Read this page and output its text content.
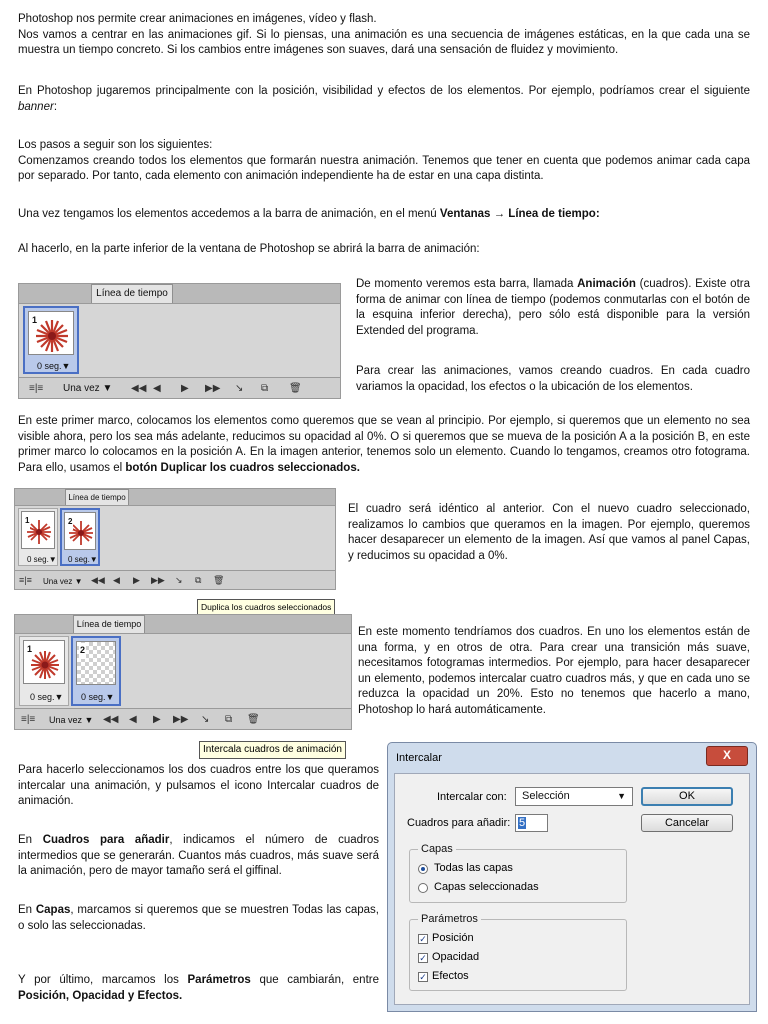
Photoshop nos permite crear animaciones en imágenes, vídeo y flash.

Nos vamos a centrar en las animaciones gif. Si lo piensas, una animación es una secuencia de imágenes estáticas, en la que cada una se muestra un tiempo concreto. Si los cambios entre imágenes son suaves, dará una sensación de fluidez y movimiento.

En Photoshop jugaremos principalmente con la posición, visibilidad y efectos de los elementos. Por ejemplo, podríamos crear el siguiente banner:

Los pasos a seguir son los siguientes:

Comenzamos creando todos los elementos que formarán nuestra animación. Tenemos que tener en cuenta que podemos animar cada capa por separado. Por tanto, cada elemento con animación independiente ha de estar en una capa distinta.

Una vez tengamos los elementos accedemos a la barra de animación, en el menú Ventanas → Línea de tiempo:

Al hacerlo, en la parte inferior de la ventana de Photoshop se abrirá la barra de animación:

Línea de tiempo
1
0 seg.▼
≡|≡ Una vez ▼ ◀◀ ◀ ▶ ▶▶ ↘ ⧉ 🗑

De momento veremos esta barra, llamada Animación (cuadros). Existe otra forma de animar con línea de tiempo (podemos conmutarlas con el botón de la esquina inferior derecha), pero sólo está disponible para la versión Extended del programa.

Para crear las animaciones, vamos creando cuadros. En cada cuadro variamos la opacidad, los efectos o la ubicación de los elementos.

En este primer marco, colocamos los elementos como queremos que se vean al principio. Por ejemplo, si queremos que un elemento no sea visible ahora, pero los sea más adelante, reducimos su opacidad al 0%. O si queremos que se mueva de la posición A a la posición B, en este primer marco lo colocamos en la posición A. En la imagen anterior, tenemos solo un elemento. Cuando lo tengamos, creamos otro fotograma. Para ello, usamos el botón Duplicar los cuadros seleccionados.

Línea de tiempo
1
0 seg.▼
2
0 seg.▼
≡|≡ Una vez ▼ ◀◀ ◀ ▶ ▶▶ ↘ ⧉ 🗑
Duplica los cuadros seleccionados

El cuadro será idéntico al anterior. Con el nuevo cuadro seleccionado, realizamos lo cambios que queramos en la imagen. Por ejemplo, queremos hacer desaparecer un elemento de la imagen. Así que vamos al panel Capas, y reducimos su opacidad a 0%.

Línea de tiempo
1
0 seg.▼
2
0 seg.▼
≡|≡ Una vez ▼ ◀◀ ◀ ▶ ▶▶ ↘ ⧉ 🗑
Intercala cuadros de animación

En este momento tendríamos dos cuadros. En uno los elementos están de una forma, y en otros de otra. Para crear una transición más suave, necesitamos fotogramas intermedios. Por ejemplo, para hacer desaparecer un elemento, podemos intercalar cuatro cuadros más, y que en cada uno se reduzca la opacidad un 20%. Esto no tenemos que hacerlo a mano, Photoshop lo hará automáticamente.

Para hacerlo seleccionamos los dos cuadros entre los que queramos intercalar una animación, y pulsamos el icono Intercalar cuadros de animación.

En Cuadros para añadir, indicamos el número de cuadros intermedios que se generarán. Cuantos más cuadros, más suave será la animación, pero de mayor tamaño será el giffinal.

En Capas, marcamos si queremos que se muestren Todas las capas, o solo las seleccionadas.

Y por último, marcamos los Parámetros que cambiarán, entre Posición, Opacidad y Efectos.

Intercalar	X
Intercalar con:	Selección	▼	OK
Cuadros para añadir: 5	Cancelar
Capas
Todas las capas
Capas seleccionadas
Parámetros
✓ Posición
✓ Opacidad
✓ Efectos
